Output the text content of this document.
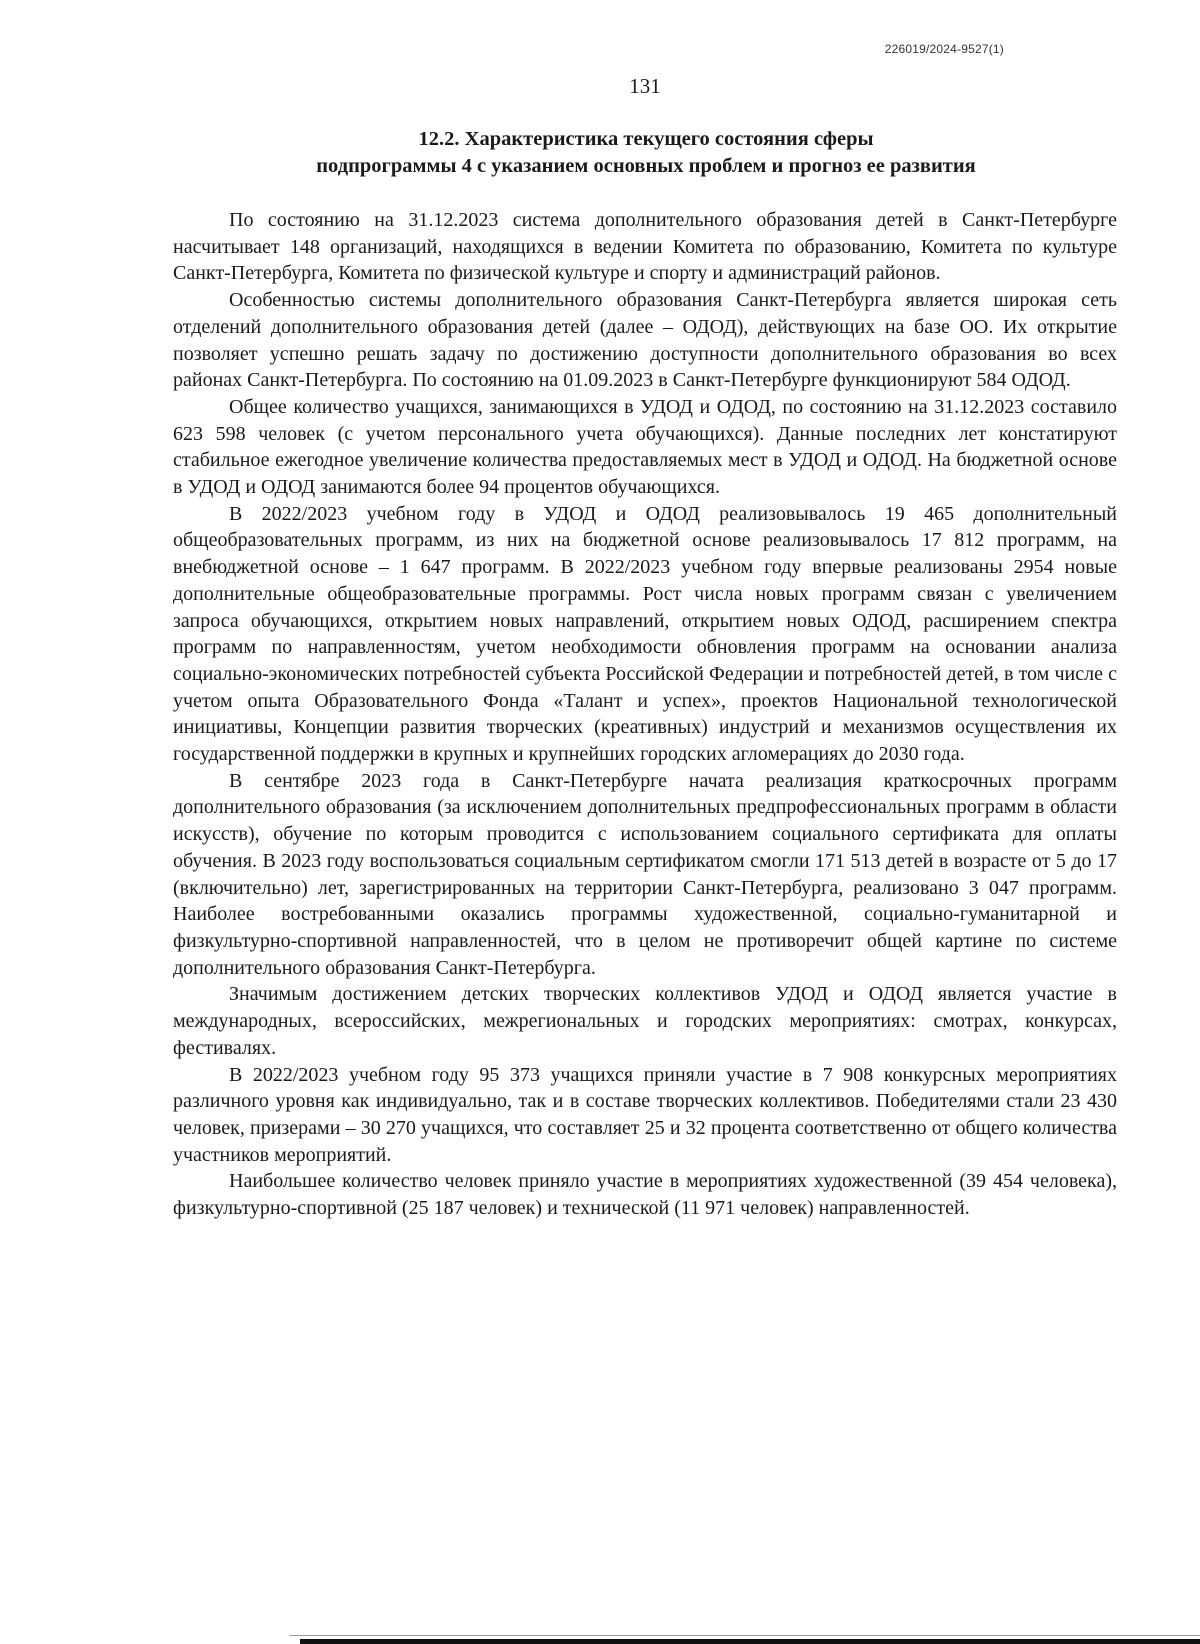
226019/2024-9527(1)
131
12.2. Характеристика текущего состояния сферы
подпрограммы 4 с указанием основных проблем и прогноз ее развития

По состоянию на 31.12.2023 система дополнительного образования детей в Санкт-Петербурге насчитывает 148 организаций, находящихся в ведении Комитета по образованию, Комитета по культуре Санкт-Петербурга, Комитета по физической культуре и спорту и администраций районов.

Особенностью системы дополнительного образования Санкт-Петербурга является широкая сеть отделений дополнительного образования детей (далее – ОДОД), действующих на базе ОО. Их открытие позволяет успешно решать задачу по достижению доступности дополнительного образования во всех районах Санкт-Петербурга. По состоянию на 01.09.2023 в Санкт-Петербурге функционируют 584 ОДОД.

Общее количество учащихся, занимающихся в УДОД и ОДОД, по состоянию на 31.12.2023 составило 623 598 человек (с учетом персонального учета обучающихся). Данные последних лет констатируют стабильное ежегодное увеличение количества предоставляемых мест в УДОД и ОДОД. На бюджетной основе в УДОД и ОДОД занимаются более 94 процентов обучающихся.

В 2022/2023 учебном году в УДОД и ОДОД реализовывалось 19 465 дополнительный общеобразовательных программ, из них на бюджетной основе реализовывалось 17 812 программ, на внебюджетной основе – 1 647 программ. В 2022/2023 учебном году впервые реализованы 2954 новые дополнительные общеобразовательные программы. Рост числа новых программ связан с увеличением запроса обучающихся, открытием новых направлений, открытием новых ОДОД, расширением спектра программ по направленностям, учетом необходимости обновления программ на основании анализа социально-экономических потребностей субъекта Российской Федерации и потребностей детей, в том числе с учетом опыта Образовательного Фонда «Талант и успех», проектов Национальной технологической инициативы, Концепции развития творческих (креативных) индустрий и механизмов осуществления их государственной поддержки в крупных и крупнейших городских агломерациях до 2030 года.

В сентябре 2023 года в Санкт-Петербурге начата реализация краткосрочных программ дополнительного образования (за исключением дополнительных предпрофессиональных программ в области искусств), обучение по которым проводится с использованием социального сертификата для оплаты обучения. В 2023 году воспользоваться социальным сертификатом смогли 171 513 детей в возрасте от 5 до 17 (включительно) лет, зарегистрированных на территории Санкт-Петербурга, реализовано 3 047 программ. Наиболее востребованными оказались программы художественной, социально-гуманитарной и физкультурно-спортивной направленностей, что в целом не противоречит общей картине по системе дополнительного образования Санкт-Петербурга.

Значимым достижением детских творческих коллективов УДОД и ОДОД является участие в международных, всероссийских, межрегиональных и городских мероприятиях: смотрах, конкурсах, фестивалях.

В 2022/2023 учебном году 95 373 учащихся приняли участие в 7 908 конкурсных мероприятиях различного уровня как индивидуально, так и в составе творческих коллективов. Победителями стали 23 430 человек, призерами – 30 270 учащихся, что составляет 25 и 32 процента соответственно от общего количества участников мероприятий.

Наибольшее количество человек приняло участие в мероприятиях художественной (39 454 человека), физкультурно-спортивной (25 187 человек) и технической (11 971 человек) направленностей.
